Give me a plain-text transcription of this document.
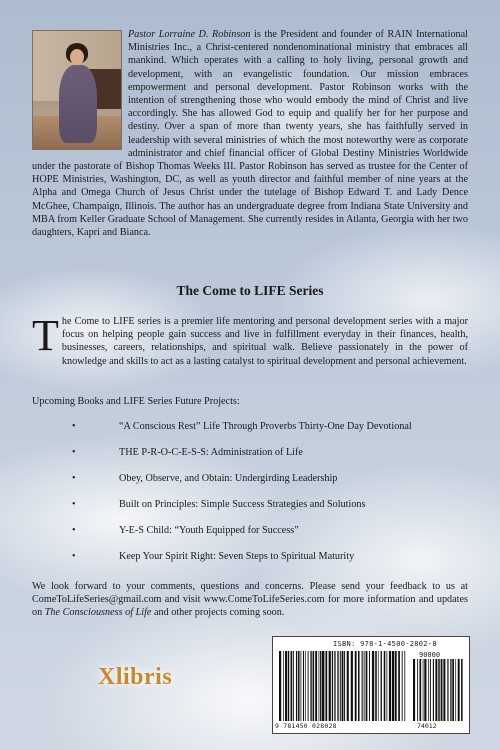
Pastor Lorraine D. Robinson is the President and founder of RAIN International Ministries Inc., a Christ-centered nondenominational ministry that embraces all mankind. Which operates with a calling to holy living, personal growth and development, with an evangelistic foundation. Our mission embraces empowerment and personal development. Pastor Robinson works with the intention of strengthening those who would embody the mind of Christ and live accordingly. She has allowed God to equip and qualify her for her purpose and destiny. Over a span of more than twenty years, she has faithfully served in leadership with several ministries of which the most noteworthy were as corporate administrator and chief financial officer of Global Destiny Ministries Worldwide under the pastorate of Bishop Thomas Weeks III. Pastor Robinson has served as trustee for the Center of HOPE Ministries, Washington, DC, as well as youth director and faithful member of nine years at the Alpha and Omega Church of Jesus Christ under the tutelage of Bishop Edward T. and Lady Dence McGhee, Champaign, Illinois. The author has an undergraduate degree from Indiana State University and MBA from Keller Graduate School of Management. She currently resides in Atlanta, Georgia with her two daughters, Kapri and Bianca.

The Come to LIFE Series

The Come to LIFE series is a premier life mentoring and personal development series with a major focus on helping people gain success and live in fulfillment everyday in their finances, health, businesses, careers, relationships, and spiritual walk. Believe passionately in the power of knowledge and skills to act as a lasting catalyst to spiritual development and personal achievement.

Upcoming Books and LIFE Series Future Projects:

•	“A Conscious Rest” Life Through Proverbs Thirty-One Day Devotional
•	THE P-R-O-C-E-S-S: Administration of Life
•	Obey, Observe, and Obtain: Undergirding Leadership
•	Built on Principles: Simple Success Strategies and Solutions
•	Y-E-S Child: “Youth Equipped for Success”
•	Keep Your Spirit Right: Seven Steps to Spiritual Maturity

We look forward to your comments, questions and concerns. Please send your feedback to us at ComeToLifeSeries@gmail.com and visit www.ComeToLifeSeries.com for more information and updates on The Consciousness of Life and other projects coming soon.

Xlibris
ISBN: 978-1-4500-2802-8
90000
9 781450 028028	74012
